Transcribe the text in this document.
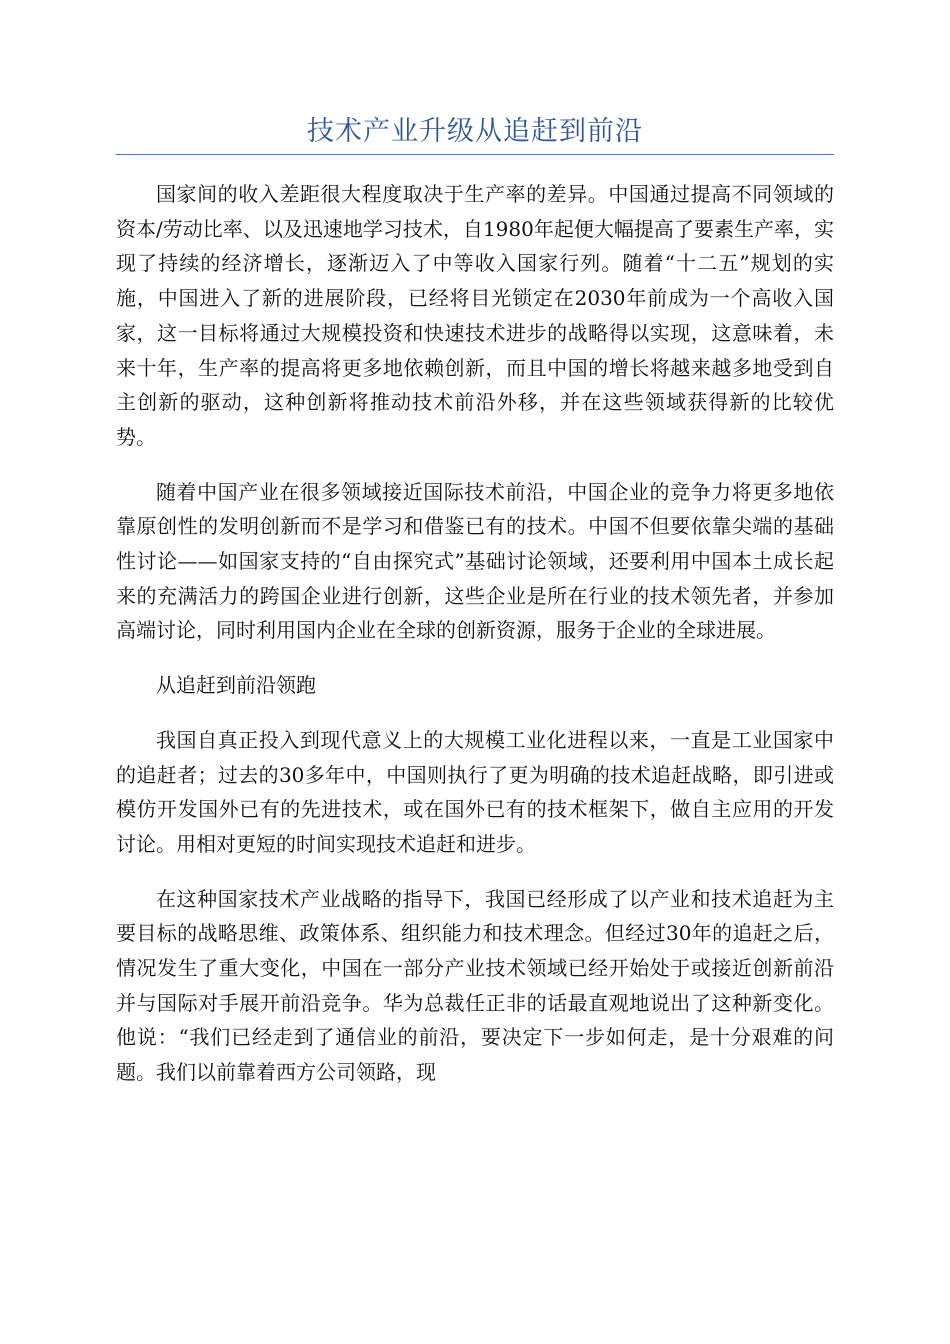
技术产业升级从追赶到前沿

国家间的收入差距很大程度取决于生产率的差异。中国通过提高不同领域的资本/劳动比率、以及迅速地学习技术，自1980年起便大幅提高了要素生产率，实现了持续的经济增长，逐渐迈入了中等收入国家行列。随着“十二五”规划的实施，中国进入了新的进展阶段，已经将目光锁定在2030年前成为一个高收入国家，这一目标将通过大规模投资和快速技术进步的战略得以实现，这意味着，未来十年，生产率的提高将更多地依赖创新，而且中国的增长将越来越多地受到自主创新的驱动，这种创新将推动技术前沿外移，并在这些领域获得新的比较优势。

随着中国产业在很多领域接近国际技术前沿，中国企业的竞争力将更多地依靠原创性的发明创新而不是学习和借鉴已有的技术。中国不但要依靠尖端的基础性讨论——如国家支持的“自由探究式”基础讨论领域，还要利用中国本土成长起来的充满活力的跨国企业进行创新，这些企业是所在行业的技术领先者，并参加高端讨论，同时利用国内企业在全球的创新资源，服务于企业的全球进展。

从追赶到前沿领跑

我国自真正投入到现代意义上的大规模工业化进程以来，一直是工业国家中的追赶者；过去的30多年中，中国则执行了更为明确的技术追赶战略，即引进或模仿开发国外已有的先进技术，或在国外已有的技术框架下，做自主应用的开发讨论。用相对更短的时间实现技术追赶和进步。

在这种国家技术产业战略的指导下，我国已经形成了以产业和技术追赶为主要目标的战略思维、政策体系、组织能力和技术理念。但经过30年的追赶之后，情况发生了重大变化，中国在一部分产业技术领域已经开始处于或接近创新前沿并与国际对手展开前沿竞争。华为总裁任正非的话最直观地说出了这种新变化。他说：“我们已经走到了通信业的前沿，要决定下一步如何走，是十分艰难的问题。我们以前靠着西方公司领路，现
